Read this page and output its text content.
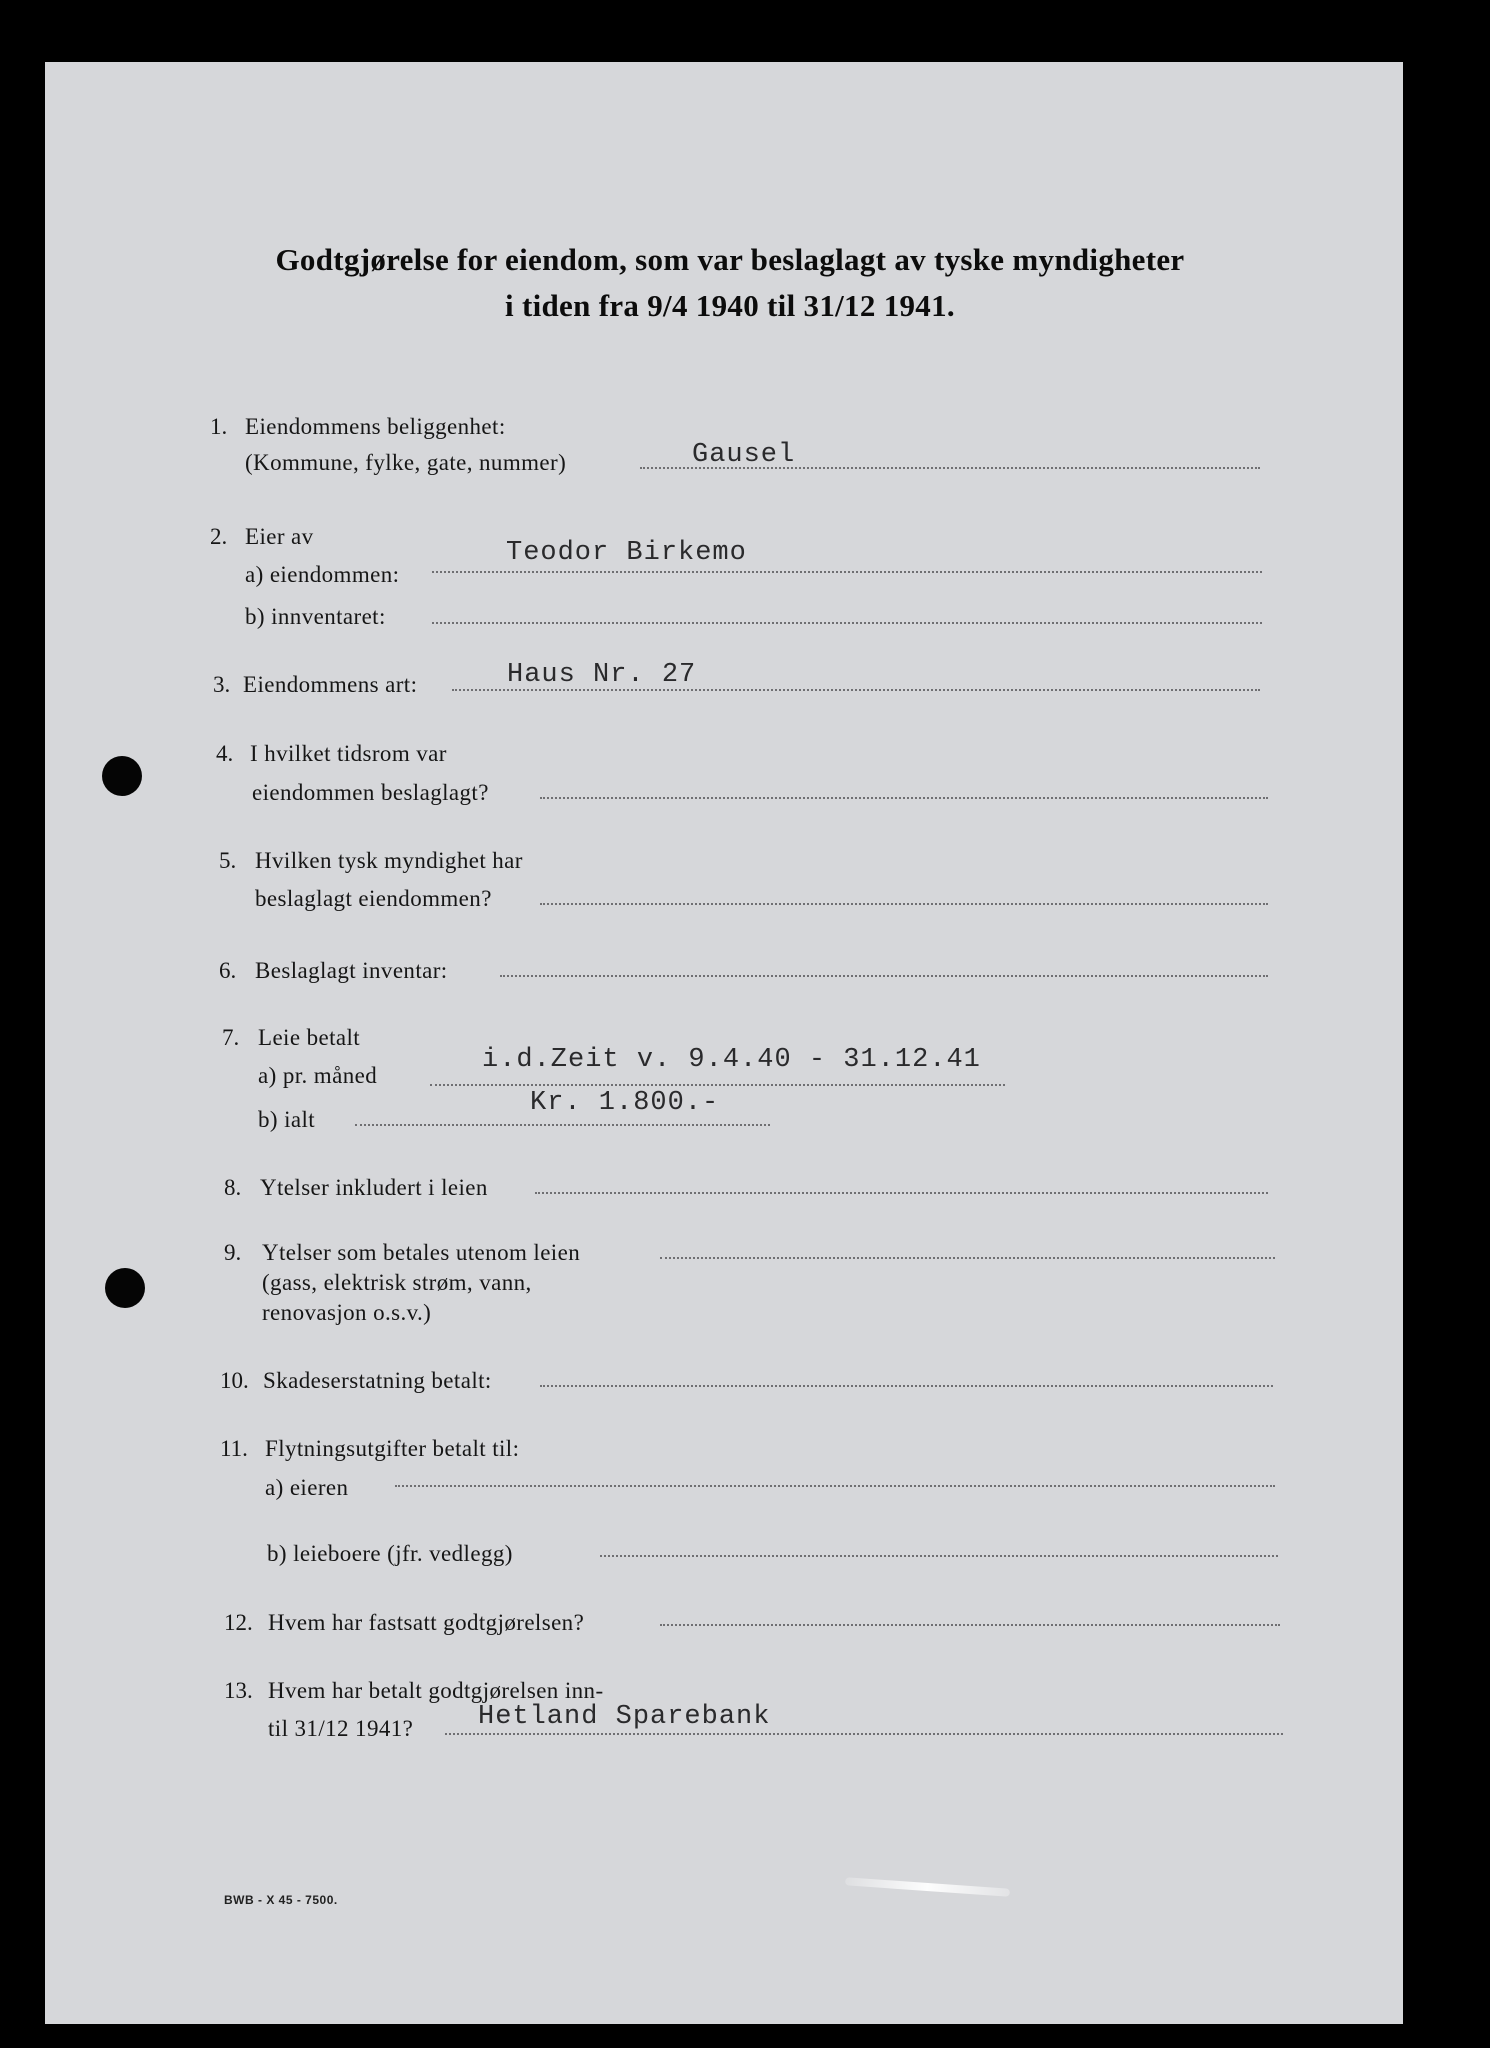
Godtgjørelse for eiendom, som var beslaglagt av tyske myndigheter
i tiden fra 9/4 1940 til 31/12 1941.
1. Eiendommens beliggenhet:
(Kommune, fylke, gate, nummer)	Gausel
2. Eier av
a) eiendommen:
Teodor Birkemo
b) innventaret:
3. Eiendommens art:	Haus Nr. 27
4. I hvilket tidsrom var
eiendommen beslaglagt?
5. Hvilken tysk myndighet har
beslaglagt eiendommen?
6. Beslaglagt inventar:
7. Leie betalt
a) pr. måned
i.d.Zeit v. 9.4.40 - 31.12.41
b) ialt
Kr. 1.800.-
8. Ytelser inkludert i leien
9. Ytelser som betales utenom leien
(gass, elektrisk strøm, vann,
renovasjon o.s.v.)
10. Skadeserstatning betalt:
11. Flytningsutgifter betalt til:
a) eieren
b) leieboere (jfr. vedlegg)
12. Hvem har fastsatt godtgjørelsen?
13. Hvem har betalt godtgjørelsen inn-
til 31/12 1941? Hetland Sparebank
BWB - X 45 - 7500.
